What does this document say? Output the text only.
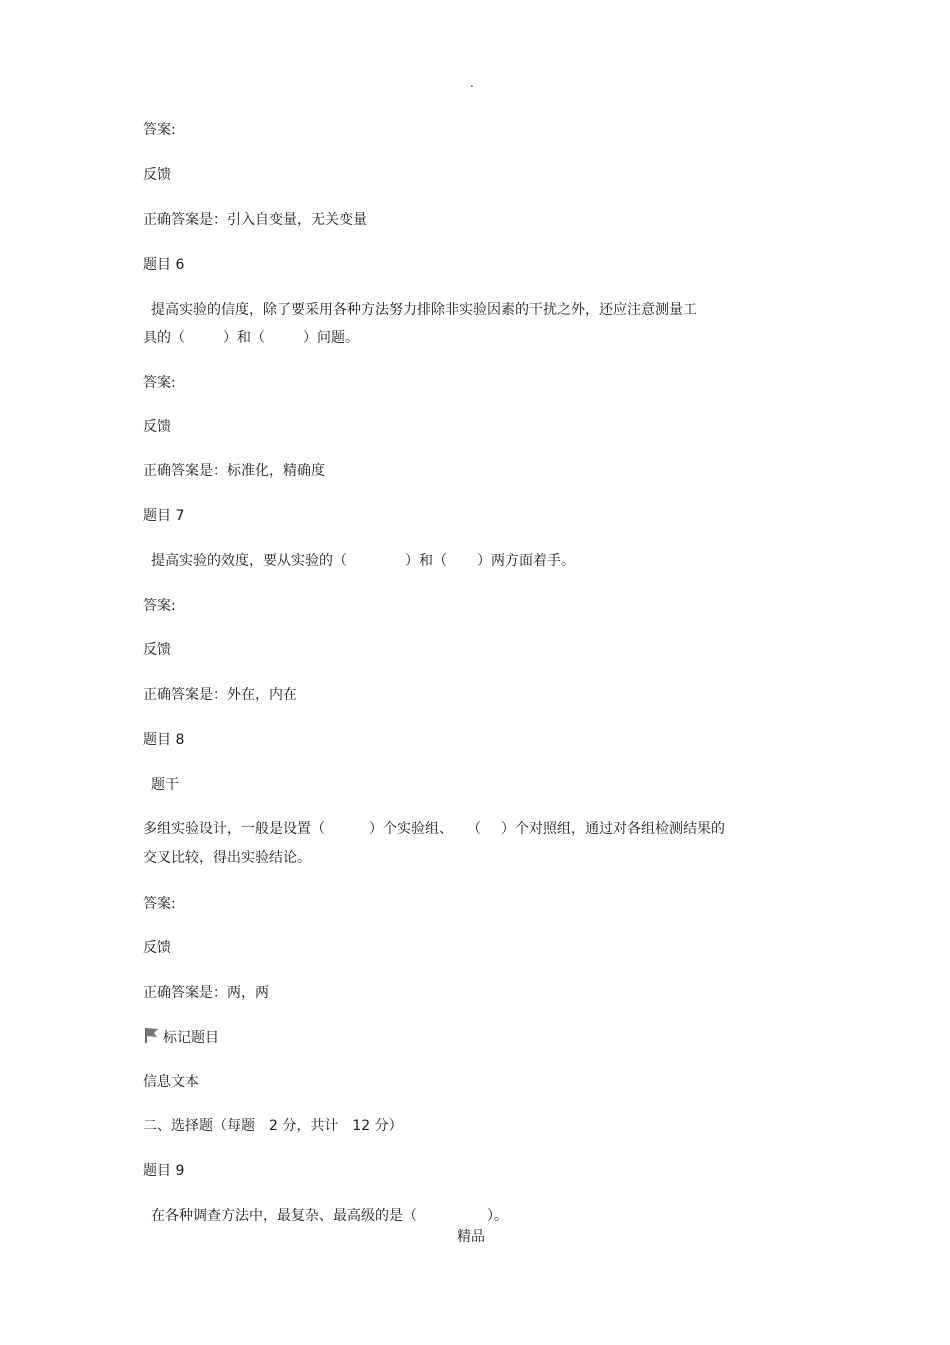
.
答案:
反馈
正确答案是：引入自变量，无关变量
题目 6
提高实验的信度，除了要采用各种方法努力排除非实验因素的干扰之外，还应注意测量工
具的（	）和（	）问题。
答案:
反馈
正确答案是：标准化，精确度
题目 7
提高实验的效度，要从实验的（	）和（ ）两方面着手。
答案:
反馈
正确答案是：外在，内在
题目 8
题干
多组实验设计，一般是设置（	）个实验组、 （ ）个对照组，通过对各组检测结果的
交叉比较，得出实验结论。
答案:
反馈
正确答案是：两，两
标记题目
信息文本
二、选择题（每题　2 分，共计　12 分）
题目 9
在各种调查方法中，最复杂、最高级的是（	）。
精品
